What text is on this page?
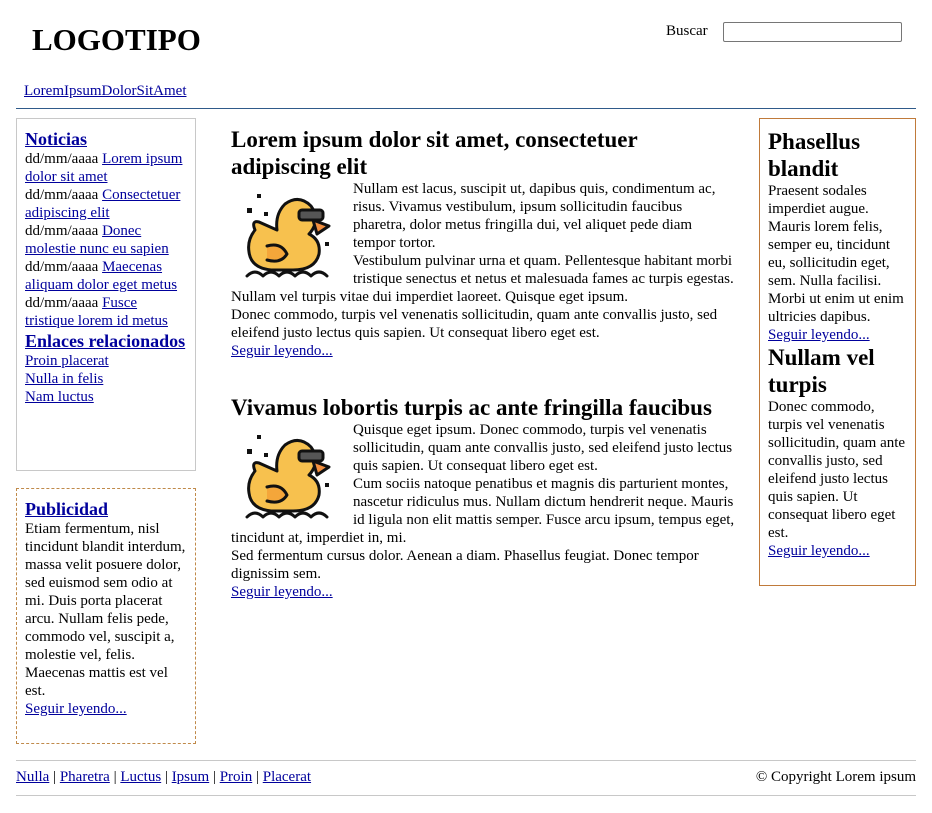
LOGOTIPO	Buscar
LoremIpsumDolorSitAmet
Noticias
dd/mm/aaaa Lorem ipsum dolor sit amet
dd/mm/aaaa Consectetuer adipiscing elit
dd/mm/aaaa Donec molestie nunc eu sapien
dd/mm/aaaa Maecenas aliquam dolor eget metus
dd/mm/aaaa Fusce tristique lorem id metus
Enlaces relacionados
Proin placerat
Nulla in felis
Nam luctus
Publicidad
Etiam fermentum, nisl tincidunt blandit interdum, massa velit posuere dolor, sed euismod sem odio at mi. Duis porta placerat arcu. Nullam felis pede, commodo vel, suscipit a, molestie vel, felis. Maecenas mattis est vel est.
Seguir leyendo...
Lorem ipsum dolor sit amet, consectetuer adipiscing elit

Nullam est lacus, suscipit ut, dapibus quis, condimentum ac, risus. Vivamus vestibulum, ipsum sollicitudin faucibus pharetra, dolor metus fringilla dui, vel aliquet pede diam tempor tortor.

Vestibulum pulvinar urna et quam. Pellentesque habitant morbi tristique senectus et netus et malesuada fames ac turpis egestas. Nullam vel turpis vitae dui imperdiet laoreet. Quisque eget ipsum.

Donec commodo, turpis vel venenatis sollicitudin, quam ante convallis justo, sed eleifend justo lectus quis sapien. Ut consequat libero eget est.

Seguir leyendo...
Vivamus lobortis turpis ac ante fringilla faucibus

Quisque eget ipsum. Donec commodo, turpis vel venenatis sollicitudin, quam ante convallis justo, sed eleifend justo lectus quis sapien. Ut consequat libero eget est.

Cum sociis natoque penatibus et magnis dis parturient montes, nascetur ridiculus mus. Nullam dictum hendrerit neque. Mauris id ligula non elit mattis semper. Fusce arcu ipsum, tempus eget, tincidunt at, imperdiet in, mi.

Sed fermentum cursus dolor. Aenean a diam. Phasellus feugiat. Donec tempor dignissim sem.

Seguir leyendo...
Phasellus blandit
Praesent sodales imperdiet augue. Mauris lorem felis, semper eu, tincidunt eu, sollicitudin eget, sem. Nulla facilisi. Morbi ut enim ut enim ultricies dapibus.
Seguir leyendo...
Nullam vel turpis
Donec commodo, turpis vel venenatis sollicitudin, quam ante convallis justo, sed eleifend justo lectus quis sapien. Ut consequat libero eget est.
Seguir leyendo...
Nulla | Pharetra | Luctus | Ipsum | Proin | Placerat	© Copyright Lorem ipsum
